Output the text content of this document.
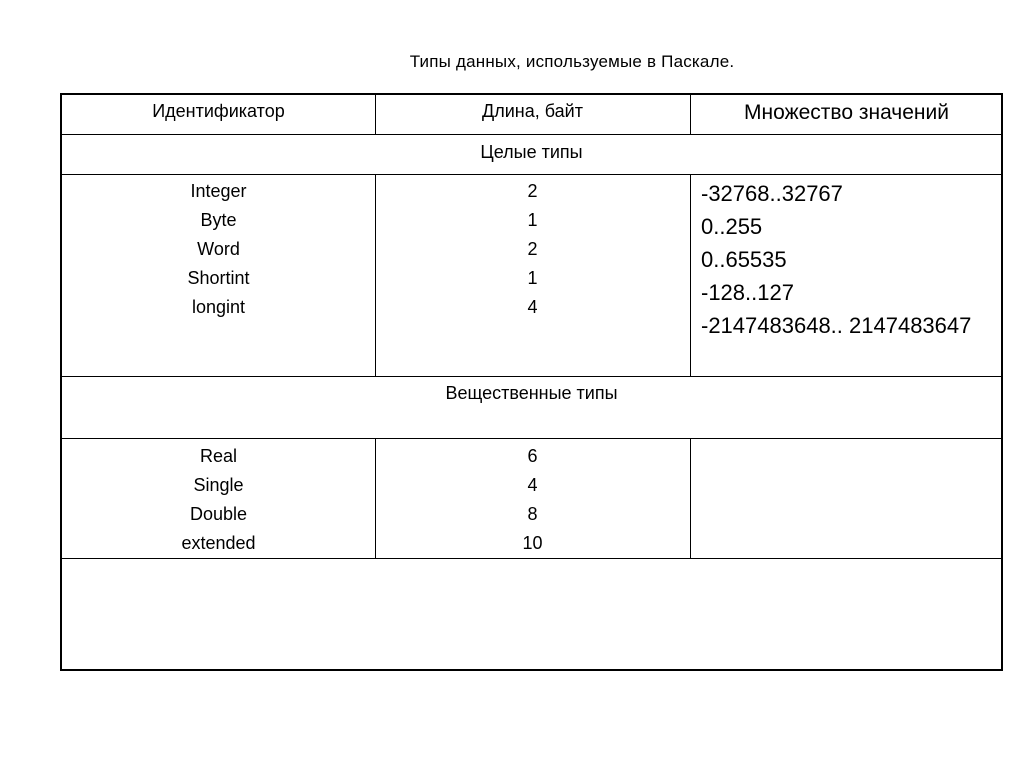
Типы данных, используемые в Паскале.
Идентификатор	Длина, байт	Множество значений
Целые типы
Integer
Byte
Word
Shortint
longint
2
1
2
1
4
-32768..32767
0..255
0..65535
-128..127
-2147483648.. 2147483647
Вещественные типы
Real
Single
Double
extended
6
4
8
10
